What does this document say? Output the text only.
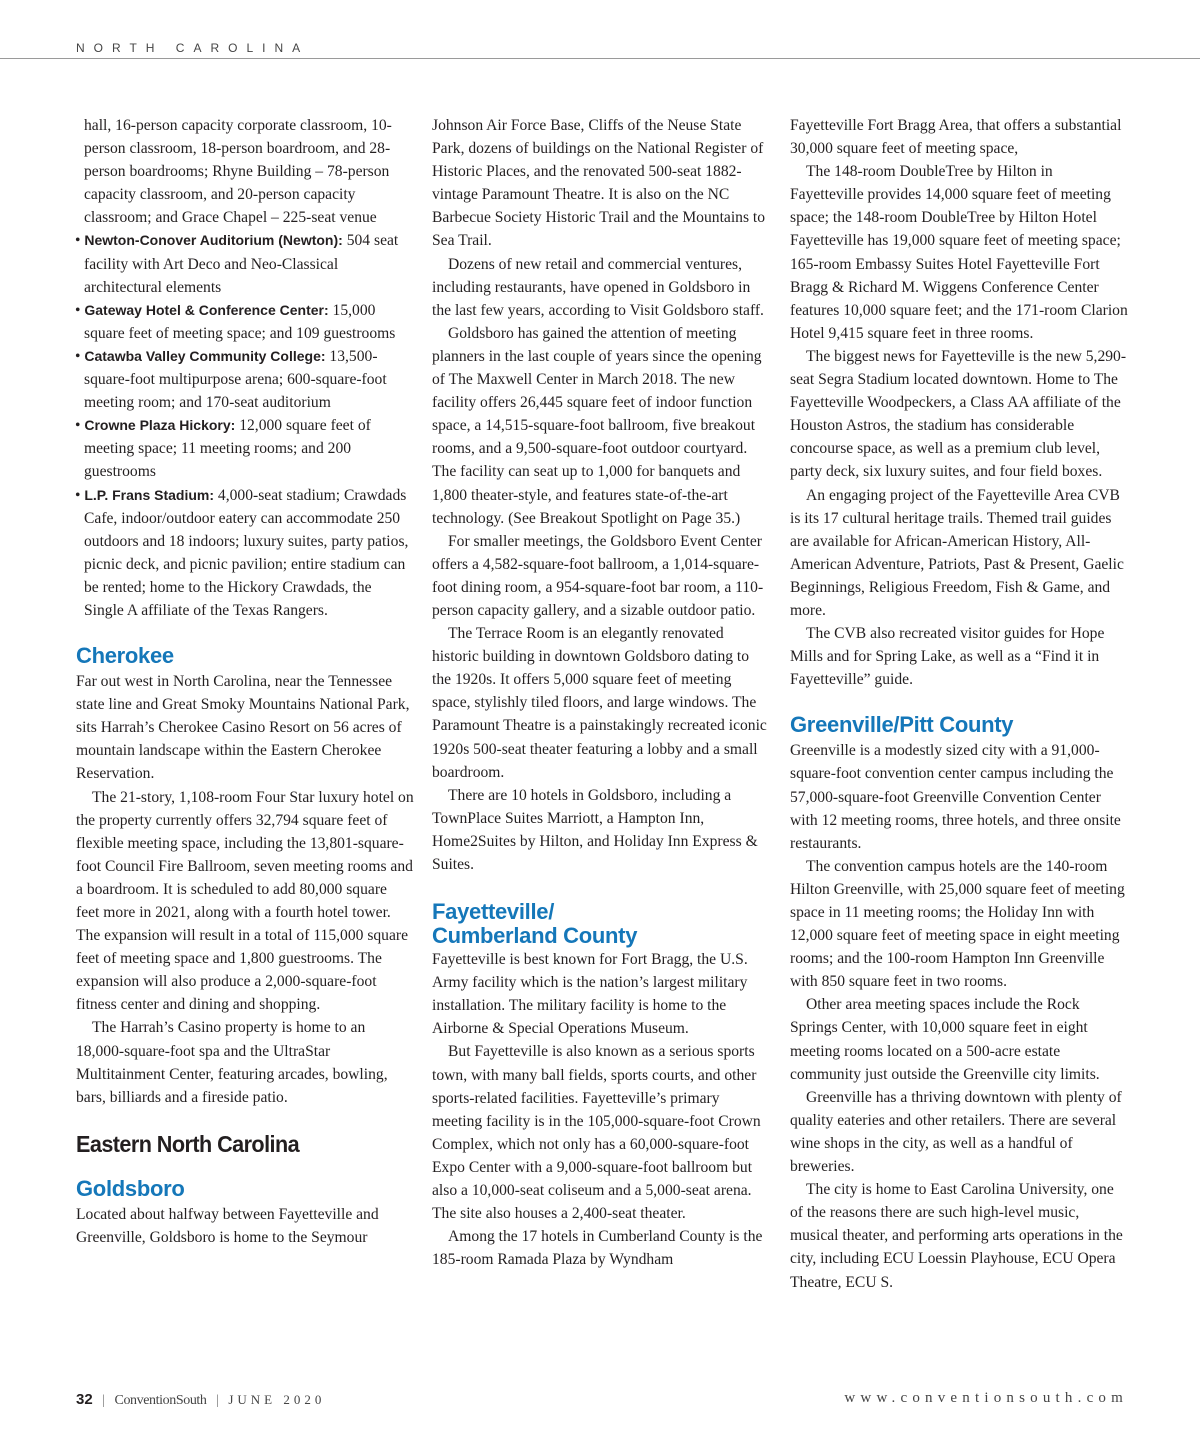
NORTH CAROLINA

hall, 16-person capacity corporate classroom, 10-person classroom, 18-person boardroom, and 28-person boardrooms; Rhyne Building – 78-person capacity classroom, and 20-person capacity classroom; and Grace Chapel – 225-seat venue

• Newton-Conover Auditorium (Newton): 504 seat facility with Art Deco and Neo-Classical architectural elements

• Gateway Hotel & Conference Center: 15,000 square feet of meeting space; and 109 guestrooms

• Catawba Valley Community College: 13,500-square-foot multipurpose arena; 600-square-foot meeting room; and 170-seat auditorium

• Crowne Plaza Hickory: 12,000 square feet of meeting space; 11 meeting rooms; and 200 guestrooms

• L.P. Frans Stadium: 4,000-seat stadium; Crawdads Cafe, indoor/outdoor eatery can accommodate 250 outdoors and 18 indoors; luxury suites, party patios, picnic deck, and picnic pavilion; entire stadium can be rented; home to the Hickory Crawdads, the Single A affiliate of the Texas Rangers.

Cherokee

Far out west in North Carolina, near the Tennessee state line and Great Smoky Mountains National Park, sits Harrah’s Cherokee Casino Resort on 56 acres of mountain landscape within the Eastern Cherokee Reservation.

The 21-story, 1,108-room Four Star luxury hotel on the property currently offers 32,794 square feet of flexible meeting space, including the 13,801-square-foot Council Fire Ballroom, seven meeting rooms and a boardroom. It is scheduled to add 80,000 square feet more in 2021, along with a fourth hotel tower. The expansion will result in a total of 115,000 square feet of meeting space and 1,800 guestrooms. The expansion will also produce a 2,000-square-foot fitness center and dining and shopping.

The Harrah’s Casino property is home to an 18,000-square-foot spa and the UltraStar Multitainment Center, featuring arcades, bowling, bars, billiards and a fireside patio.

Eastern North Carolina
Goldsboro

Located about halfway between Fayetteville and Greenville, Goldsboro is home to the Seymour

Johnson Air Force Base, Cliffs of the Neuse State Park, dozens of buildings on the National Register of Historic Places, and the renovated 500-seat 1882-vintage Paramount Theatre. It is also on the NC Barbecue Society Historic Trail and the Mountains to Sea Trail.

Dozens of new retail and commercial ventures, including restaurants, have opened in Goldsboro in the last few years, according to Visit Goldsboro staff.

Goldsboro has gained the attention of meeting planners in the last couple of years since the opening of The Maxwell Center in March 2018. The new facility offers 26,445 square feet of indoor function space, a 14,515-square-foot ballroom, five breakout rooms, and a 9,500-square-foot outdoor courtyard. The facility can seat up to 1,000 for banquets and 1,800 theater-style, and features state-of-the-art technology. (See Breakout Spotlight on Page 35.)

For smaller meetings, the Goldsboro Event Center offers a 4,582-square-foot ballroom, a 1,014-square-foot dining room, a 954-square-foot bar room, a 110-person capacity gallery, and a sizable outdoor patio.

The Terrace Room is an elegantly renovated historic building in downtown Goldsboro dating to the 1920s. It offers 5,000 square feet of meeting space, stylishly tiled floors, and large windows. The Paramount Theatre is a painstakingly recreated iconic 1920s 500-seat theater featuring a lobby and a small boardroom.

There are 10 hotels in Goldsboro, including a TownPlace Suites Marriott, a Hampton Inn, Home2Suites by Hilton, and Holiday Inn Express & Suites.

Fayetteville/
Cumberland County

Fayetteville is best known for Fort Bragg, the U.S. Army facility which is the nation’s largest military installation. The military facility is home to the Airborne & Special Operations Museum.

But Fayetteville is also known as a serious sports town, with many ball fields, sports courts, and other sports-related facilities. Fayetteville’s primary meeting facility is in the 105,000-square-foot Crown Complex, which not only has a 60,000-square-foot Expo Center with a 9,000-square-foot ballroom but also a 10,000-seat coliseum and a 5,000-seat arena. The site also houses a 2,400-seat theater.

Among the 17 hotels in Cumberland County is the 185-room Ramada Plaza by Wyndham

Fayetteville Fort Bragg Area, that offers a substantial 30,000 square feet of meeting space,

The 148-room DoubleTree by Hilton in Fayetteville provides 14,000 square feet of meeting space; the 148-room DoubleTree by Hilton Hotel Fayetteville has 19,000 square feet of meeting space; 165-room Embassy Suites Hotel Fayetteville Fort Bragg & Richard M. Wiggens Conference Center features 10,000 square feet; and the 171-room Clarion Hotel 9,415 square feet in three rooms.

The biggest news for Fayetteville is the new 5,290-seat Segra Stadium located downtown. Home to The Fayetteville Woodpeckers, a Class AA affiliate of the Houston Astros, the stadium has considerable concourse space, as well as a premium club level, party deck, six luxury suites, and four field boxes.

An engaging project of the Fayetteville Area CVB is its 17 cultural heritage trails. Themed trail guides are available for African-American History, All-American Adventure, Patriots, Past & Present, Gaelic Beginnings, Religious Freedom, Fish & Game, and more.

The CVB also recreated visitor guides for Hope Mills and for Spring Lake, as well as a “Find it in Fayetteville” guide.

Greenville/Pitt County

Greenville is a modestly sized city with a 91,000-square-foot convention center campus including the 57,000-square-foot Greenville Convention Center with 12 meeting rooms, three hotels, and three onsite restaurants.

The convention campus hotels are the 140-room Hilton Greenville, with 25,000 square feet of meeting space in 11 meeting rooms; the Holiday Inn with 12,000 square feet of meeting space in eight meeting rooms; and the 100-room Hampton Inn Greenville with 850 square feet in two rooms.

Other area meeting spaces include the Rock Springs Center, with 10,000 square feet in eight meeting rooms located on a 500-acre estate community just outside the Greenville city limits.

Greenville has a thriving downtown with plenty of quality eateries and other retailers. There are several wine shops in the city, as well as a handful of breweries.

The city is home to East Carolina University, one of the reasons there are such high-level music, musical theater, and performing arts operations in the city, including ECU Loessin Playhouse, ECU Opera Theatre, ECU S.

32 | ConventionSouth | JUNE 2020	www.conventionsouth.com
